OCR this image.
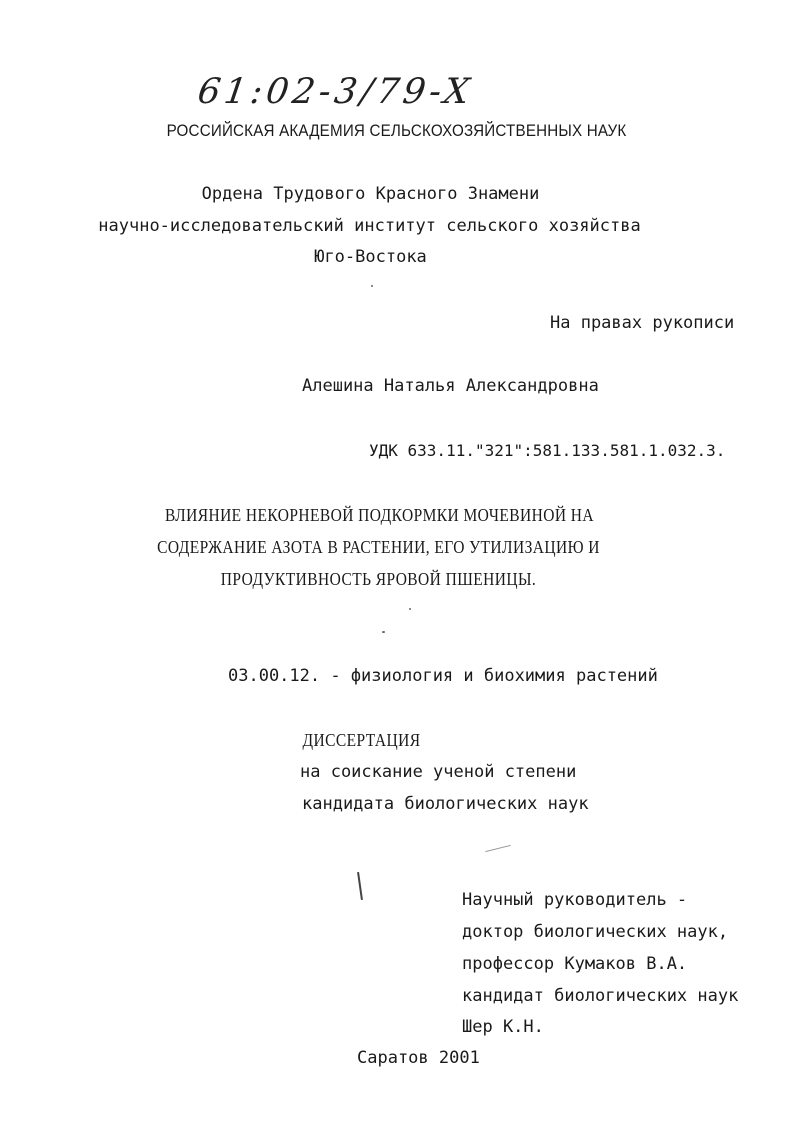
61:02-3/79-X
РОССИЙСКАЯ АКАДЕМИЯ СЕЛЬСКОХОЗЯЙСТВЕННЫХ НАУК
Ордена Трудового Красного Знамени
научно-исследовательский институт сельского хозяйства
Юго-Востока
На правах рукописи
Алешина Наталья Александровна
УДК 633.11."321":581.133.581.1.032.3.
ВЛИЯНИЕ НЕКОРНЕВОЙ ПОДКОРМКИ МОЧЕВИНОЙ НА
СОДЕРЖАНИЕ АЗОТА В РАСТЕНИИ, ЕГО УТИЛИЗАЦИЮ И
ПРОДУКТИВНОСТЬ ЯРОВОЙ ПШЕНИЦЫ.
03.00.12. - физиология и биохимия растений
ДИССЕРТАЦИЯ
на соискание ученой степени
кандидата биологических наук
Научный руководитель -
доктор биологических наук,
профессор Кумаков В.А.
кандидат биологических наук
Шер К.Н.
Саратов 2001
